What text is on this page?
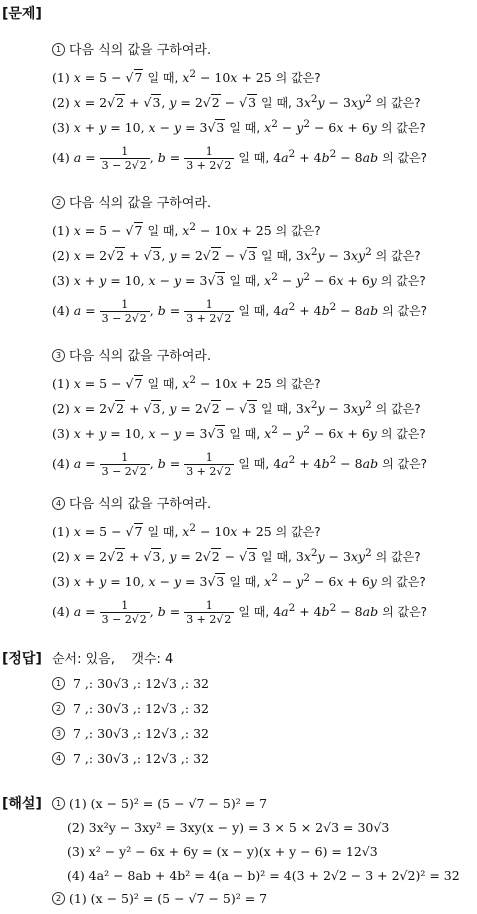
[문제]
1 다음 식의 값을 구하여라.
(1) x = 5 − √7 일 때, $x^2 - 10x + 25$ 의 값은?
(2) x = 2√2 + √3, y = 2√2 − √3 일 때, $3x^2y - 3xy^2$ 의 값은?
(3) x + y = 10, x − y = 3√3 일 때, $x^2 - y^2 - 6x + 6y$ 의 값은?
(4) $a = \frac{1}{3 - 2√2}$ , $b = \frac{1}{3 + 2√2}$ 일 때, $4a^2 + 4b^2 - 8ab$ 의 값은?
2 다음 식의 값을 구하여라.
(1) x = 5 − √7 일 때, $x^2 - 10x + 25$ 의 값은?
(2) x = 2√2 + √3, y = 2√2 − √3 일 때, $3x^2y - 3xy^2$ 의 값은?
(3) x + y = 10, x − y = 3√3 일 때, $x^2 - y^2 - 6x + 6y$ 의 값은?
(4) $a = \frac{1}{3 - 2√2}$ , $b = \frac{1}{3 + 2√2}$ 일 때, $4a^2 + 4b^2 - 8ab$ 의 값은?
3 다음 식의 값을 구하여라.
(1) x = 5 − √7 일 때, $x^2 - 10x + 25$ 의 값은?
(2) x = 2√2 + √3, y = 2√2 − √3 일 때, $3x^2y - 3xy^2$ 의 값은?
(3) x + y = 10, x − y = 3√3 일 때, $x^2 - y^2 - 6x + 6y$ 의 값은?
(4) $a = \frac{1}{3 - 2√2}$ , $b = \frac{1}{3 + 2√2}$ 일 때, $4a^2 + 4b^2 - 8ab$ 의 값은?
4 다음 식의 값을 구하여라.
(1) x = 5 − √7 일 때, $x^2 - 10x + 25$ 의 값은?
(2) x = 2√2 + √3, y = 2√2 − √3 일 때, $3x^2y - 3xy^2$ 의 값은?
(3) x + y = 10, x − y = 3√3 일 때, $x^2 - y^2 - 6x + 6y$ 의 값은?
(4) $a = \frac{1}{3 - 2√2}$ , $b = \frac{1}{3 + 2√2}$ 일 때, $4a^2 + 4b^2 - 8ab$ 의 값은?
[정답] 순서: 있음, 갯수: 4
1 7 ,: 30√3 ,: 12√3 ,: 32
2 7 ,: 30√3 ,: 12√3 ,: 32
3 7 ,: 30√3 ,: 12√3 ,: 32
4 7 ,: 30√3 ,: 12√3 ,: 32
[해설]	1 (1) (x − 5)² = (5 − √7 − 5)² = 7
(2) 3x²y − 3xy² = 3xy(x − y) = 3 × 5 × 2√3 = 30√3
(3) x² − y² − 6x + 6y = (x − y)(x + y − 6) = 12√3
(4) 4a² − 8ab + 4b² = 4(a − b)² = 4(3 + 2√2 − 3 + 2√2)² = 32
2 (1) (x − 5)² = (5 − √7 − 5)² = 7
